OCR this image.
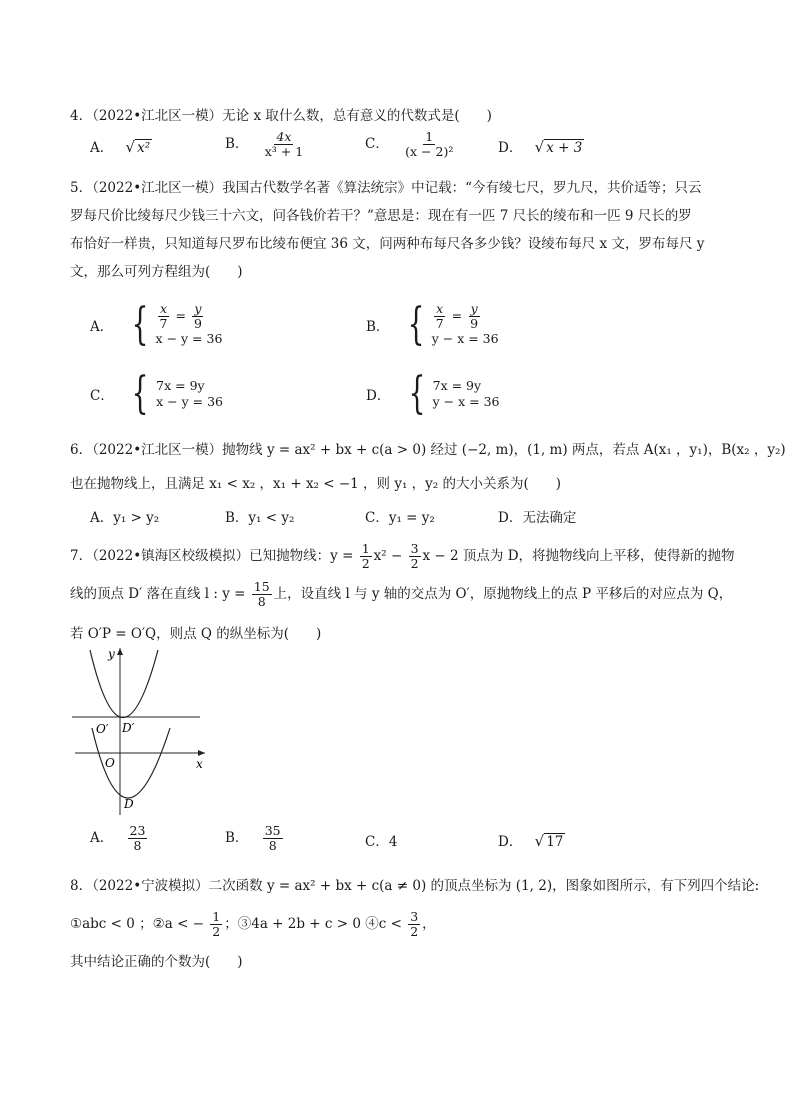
4．（2022•江北区一模）无论 x 取什么数，总有意义的代数式是(　　)
A． √ x²	B． $\frac{4x}{\text{x³ + 1}}$	C． $\frac{1}{\text{(x − 2)²}}$	D． √ x + 3
5．（2022•江北区一模）我国古代数学名著《算法统宗》中记载：“今有绫七尺，罗九尺，共价适等；只云
罗每尺价比绫每尺少钱三十六文，问各钱价若干？”意思是：现在有一匹 7 尺长的绫布和一匹 9 尺长的罗
布恰好一样贵，只知道每尺罗布比绫布便宜 36 文，问两种布每尺各多少钱？设绫布每尺 x 文，罗布每尺 y
文，那么可列方程组为(　　)
A． { $\frac{x}{7} = \frac{y}{9}$
x − y = 36
B． { $\frac{x}{7} = \frac{y}{9}$
y − x = 36
C． { 7x = 9y
x − y = 36	D． { 7x = 9y
y − x = 36
6．（2022•江北区一模）抛物线 y = ax² + bx + c(a > 0) 经过 (−2, m)，(1, m) 两点，若点 A(x₁ ，y₁)，B(x₂ ，y₂)
也在抛物线上，且满足 x₁ < x₂ ，x₁ + x₂ < −1 ，则 y₁ ，y₂ 的大小关系为(　　)
A．y₁ > y₂	B．y₁ < y₂	C．y₁ = y₂	D．无法确定
7．（2022•镇海区校级模拟）已知抛物线：$y = \frac{1}{2} x^2 - \frac{3}{2}$ x − 2 顶点为 D，将抛物线向上平移，使得新的抛物
线的顶点 D′ 落在直线 l : $y = \frac{15}{8}$ 上，设直线 l 与 y 轴的交点为 O′，原抛物线上的点 P 平移后的对应点为 Q，
若 O′P = O′Q，则点 Q 的纵坐标为(　　)
y
x
O
O′ D′
D
A． $\frac{23}{8}$	B． $\frac{35}{8}$	C．4	D． √ 17
8．（2022•宁波模拟）二次函数 y = ax² + bx + c(a ≠ 0) 的顶点坐标为 (1, 2)，图象如图所示，有下列四个结论:
①abc < 0 ；②a < − $\frac{1}{2}$ ；③4a + 2b + c > 0 ④c < $\frac{3}{2}$ ，
其中结论正确的个数为(　　)
